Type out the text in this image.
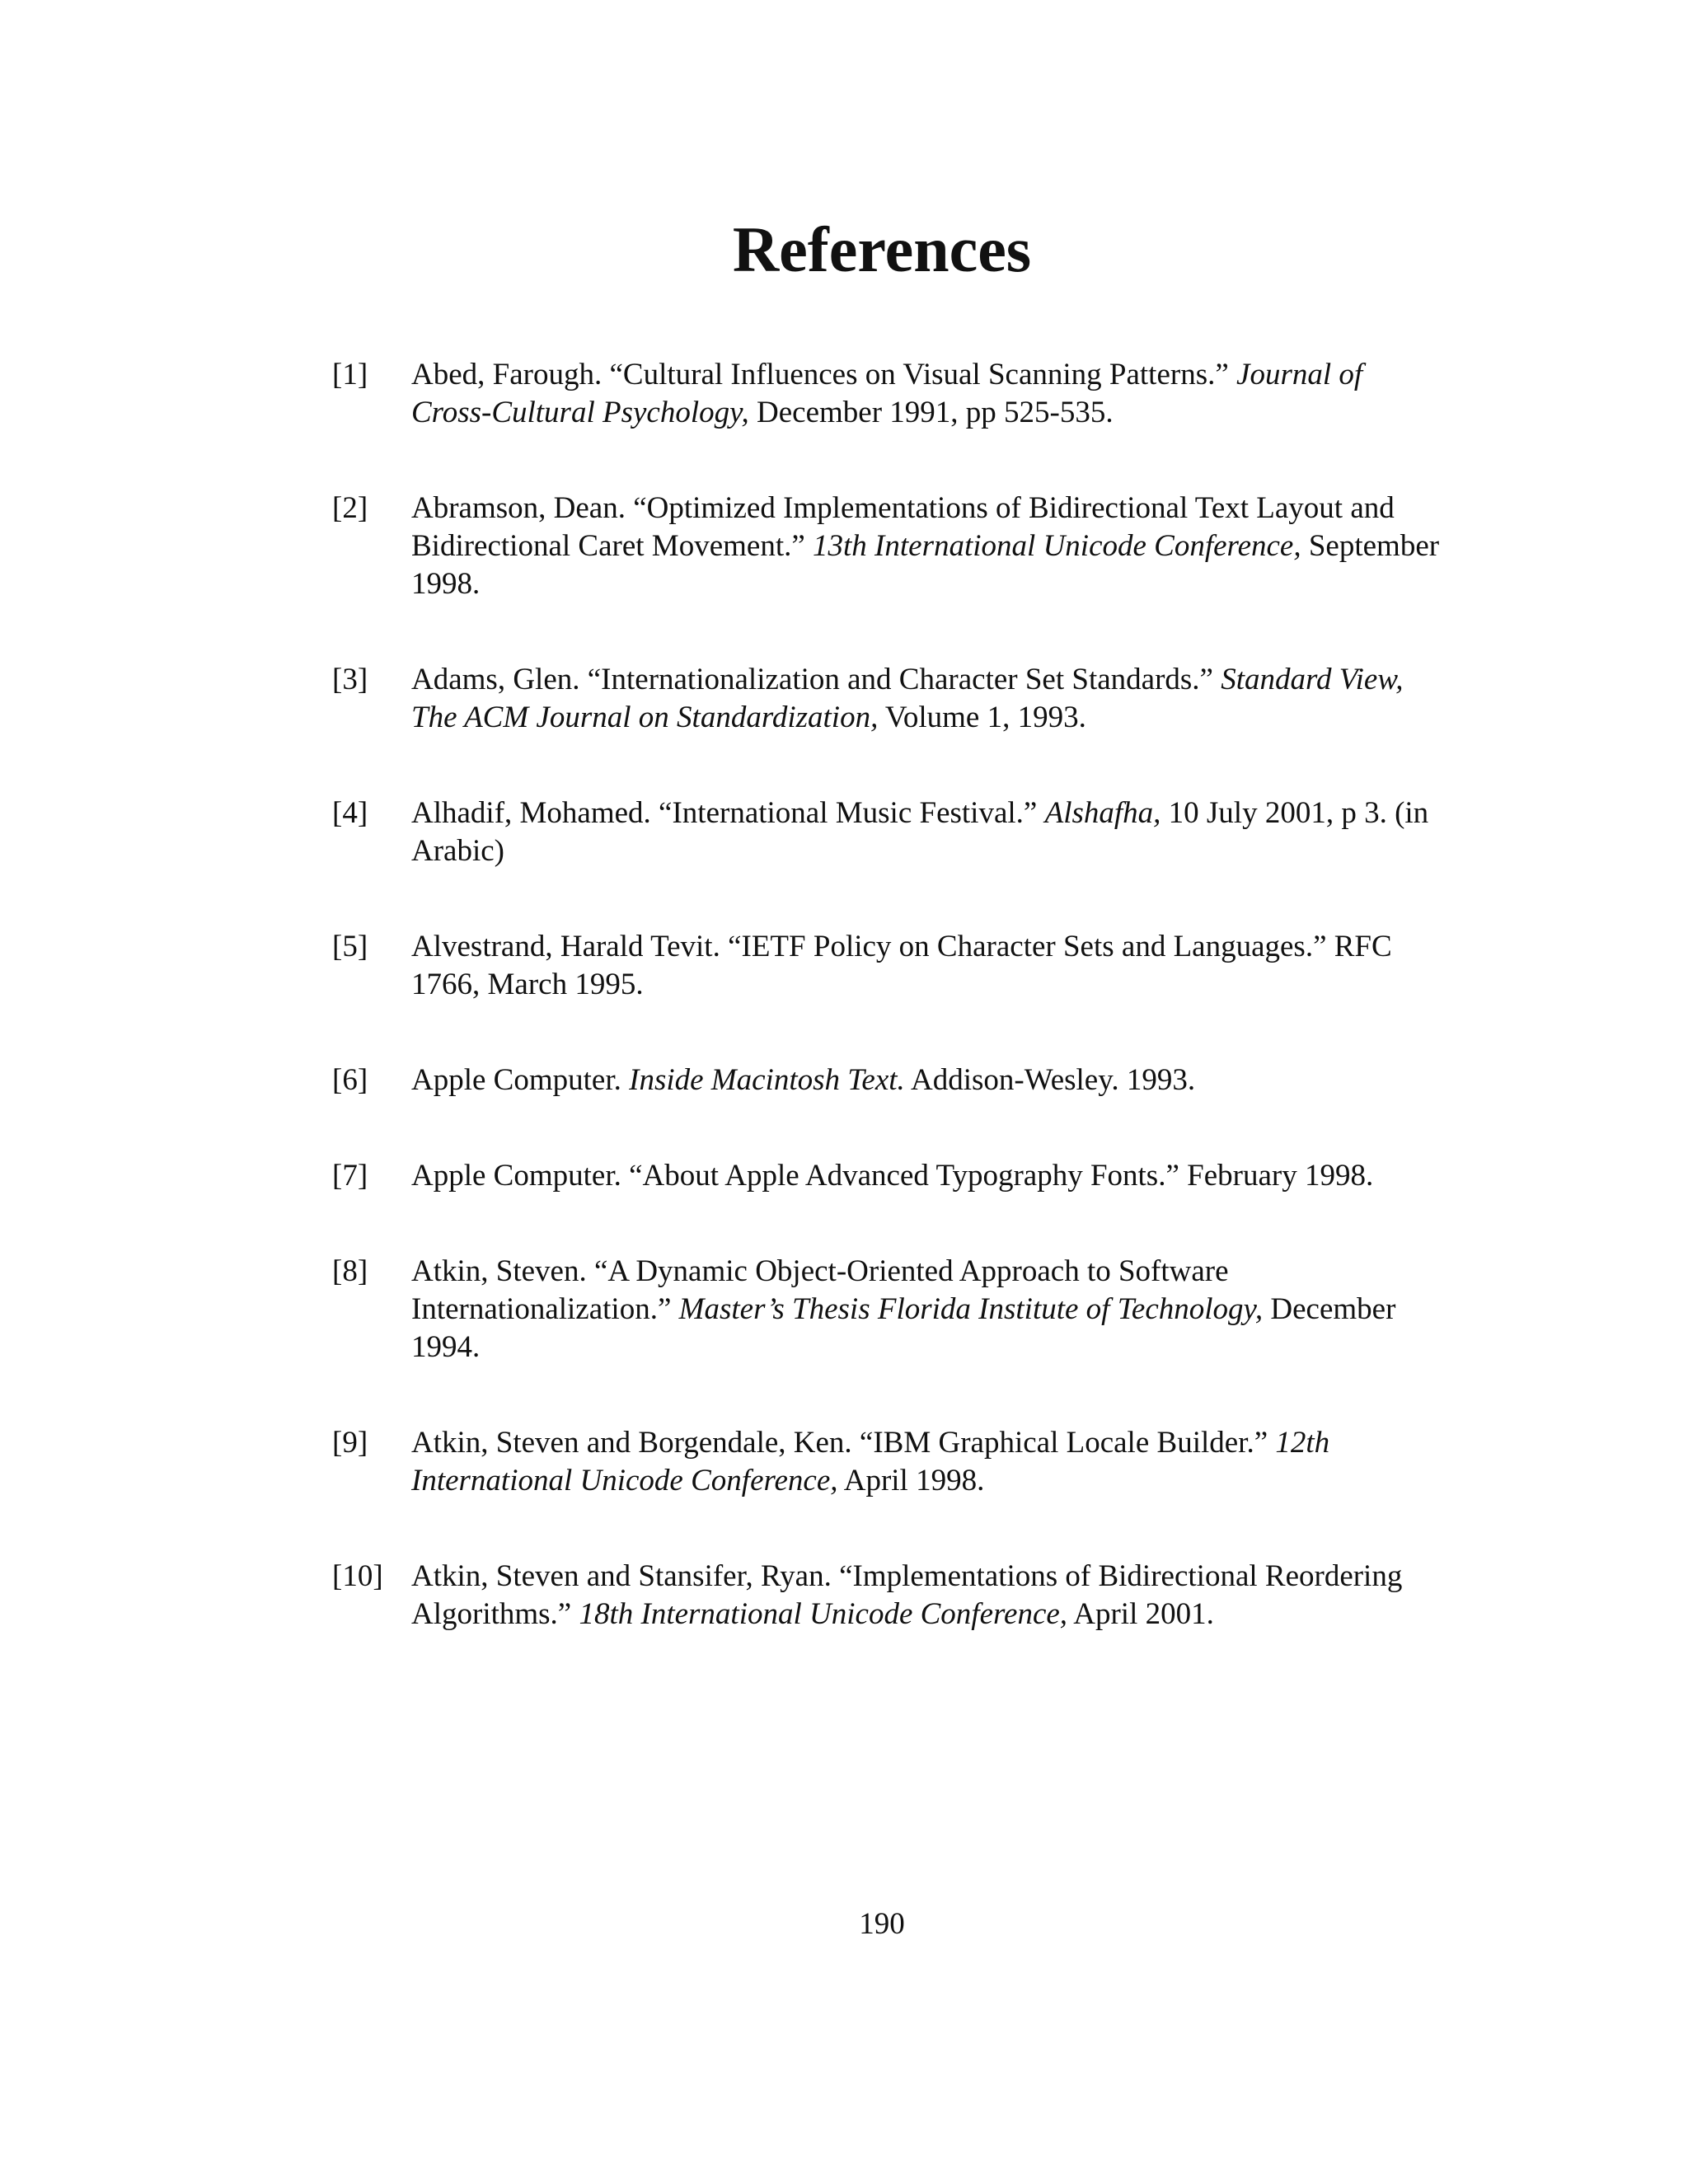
References
[1] Abed, Farough. “Cultural Influences on Visual Scanning Patterns.” Journal of Cross-Cultural Psychology, December 1991, pp 525-535.
[2] Abramson, Dean. “Optimized Implementations of Bidirectional Text Layout and Bidirectional Caret Movement.” 13th International Unicode Conference, September 1998.
[3] Adams, Glen. “Internationalization and Character Set Standards.” Standard View, The ACM Journal on Standardization, Volume 1, 1993.
[4] Alhadif, Mohamed. “International Music Festival.” Alshafha, 10 July 2001, p 3. (in Arabic)
[5] Alvestrand, Harald Tevit. “IETF Policy on Character Sets and Languages.” RFC 1766, March 1995.
[6] Apple Computer. Inside Macintosh Text. Addison-Wesley. 1993.
[7] Apple Computer. “About Apple Advanced Typography Fonts.” February 1998.
[8] Atkin, Steven. “A Dynamic Object-Oriented Approach to Software Internationalization.” Master’s Thesis Florida Institute of Technology, December 1994.
[9] Atkin, Steven and Borgendale, Ken. “IBM Graphical Locale Builder.” 12th International Unicode Conference, April 1998.
[10] Atkin, Steven and Stansifer, Ryan. “Implementations of Bidirectional Reordering Algorithms.” 18th International Unicode Conference, April 2001.
190
